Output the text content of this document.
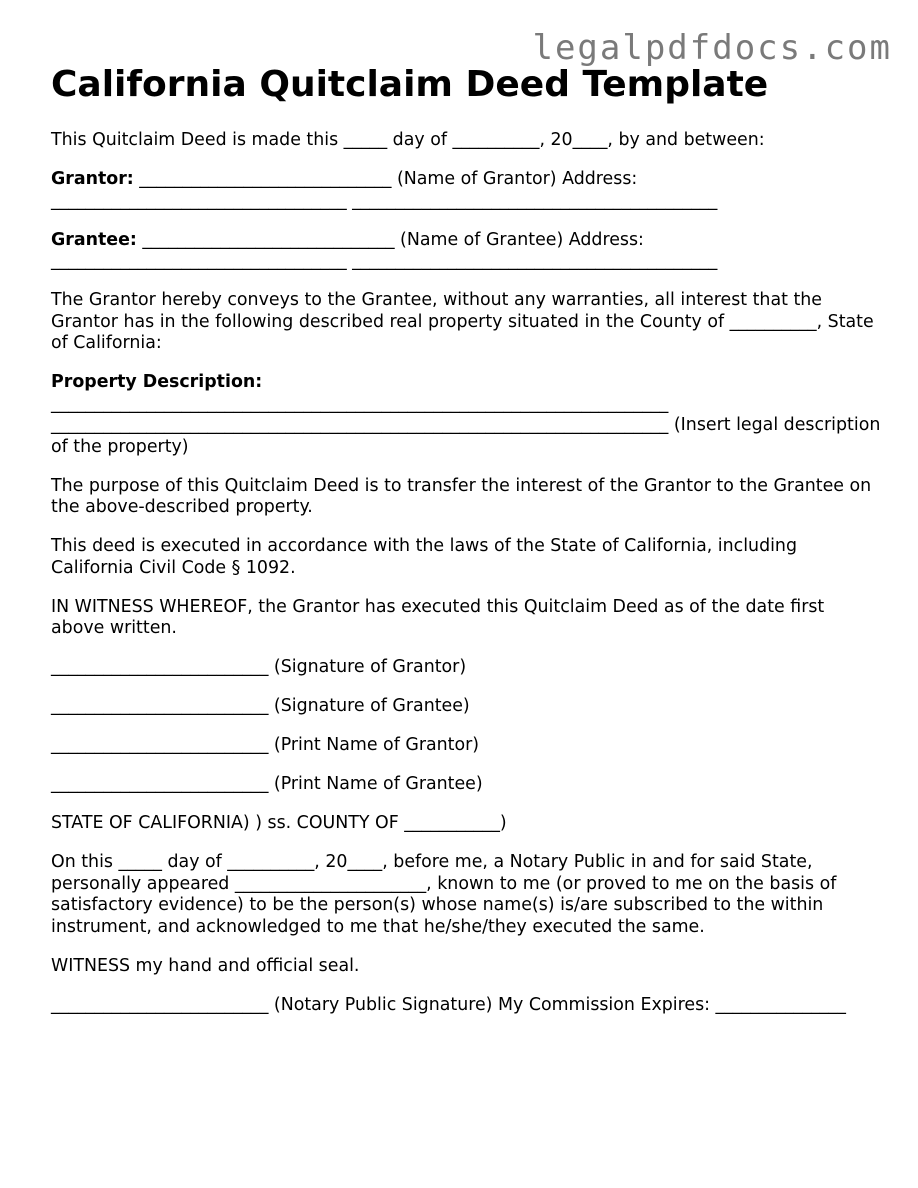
legalpdfdocs.com
California Quitclaim Deed Template

This Quitclaim Deed is made this _____ day of __________, 20____, by and between:

Grantor: _____________________________ (Name of Grantor) Address:
__________________________________ __________________________________________

Grantee: _____________________________ (Name of Grantee) Address:
__________________________________ __________________________________________

The Grantor hereby conveys to the Grantee, without any warranties, all interest that the Grantor has in the following described real property situated in the County of __________, State of California:

Property Description:
_______________________________________________________________________ _______________________________________________________________________ (Insert legal description of the property)

The purpose of this Quitclaim Deed is to transfer the interest of the Grantor to the Grantee on the above-described property.

This deed is executed in accordance with the laws of the State of California, including California Civil Code § 1092.

IN WITNESS WHEREOF, the Grantor has executed this Quitclaim Deed as of the date first above written.

_________________________ (Signature of Grantor)

_________________________ (Signature of Grantee)

_________________________ (Print Name of Grantor)

_________________________ (Print Name of Grantee)

STATE OF CALIFORNIA) ) ss. COUNTY OF ___________)

On this _____ day of __________, 20____, before me, a Notary Public in and for said State, personally appeared ______________________, known to me (or proved to me on the basis of satisfactory evidence) to be the person(s) whose name(s) is/are subscribed to the within instrument, and acknowledged to me that he/she/they executed the same.

WITNESS my hand and official seal.

_________________________ (Notary Public Signature) My Commission Expires: _______________
